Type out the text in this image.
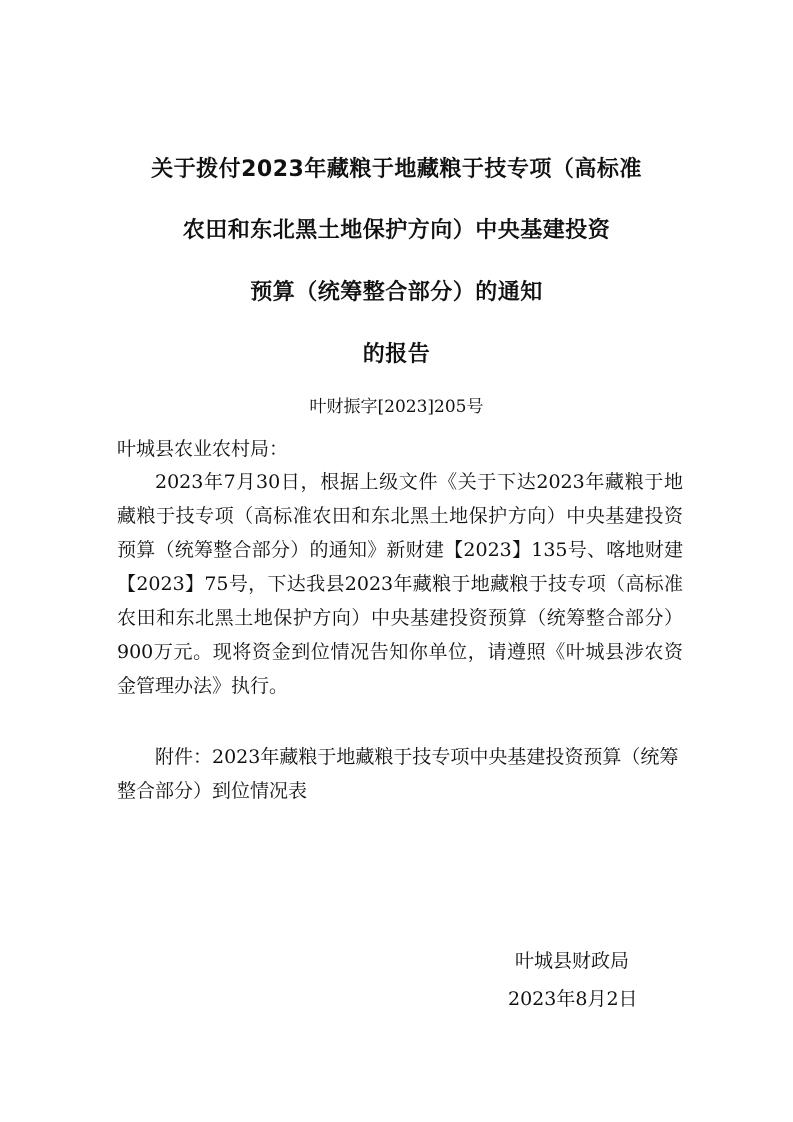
关于拨付2023年藏粮于地藏粮于技专项（高标准
农田和东北黑土地保护方向）中央基建投资
预算（统筹整合部分）的通知
的报告
叶财振字[2023]205号
叶城县农业农村局：

2023年7月30日，根据上级文件《关于下达2023年藏粮于地藏粮于技专项（高标准农田和东北黑土地保护方向）中央基建投资预算（统筹整合部分）的通知》新财建【2023】135号、喀地财建【2023】75号，下达我县2023年藏粮于地藏粮于技专项（高标准农田和东北黑土地保护方向）中央基建投资预算（统筹整合部分）900万元。现将资金到位情况告知你单位，请遵照《叶城县涉农资金管理办法》执行。

附件：2023年藏粮于地藏粮于技专项中央基建投资预算（统筹整合部分）到位情况表

叶城县财政局
2023年8月2日
